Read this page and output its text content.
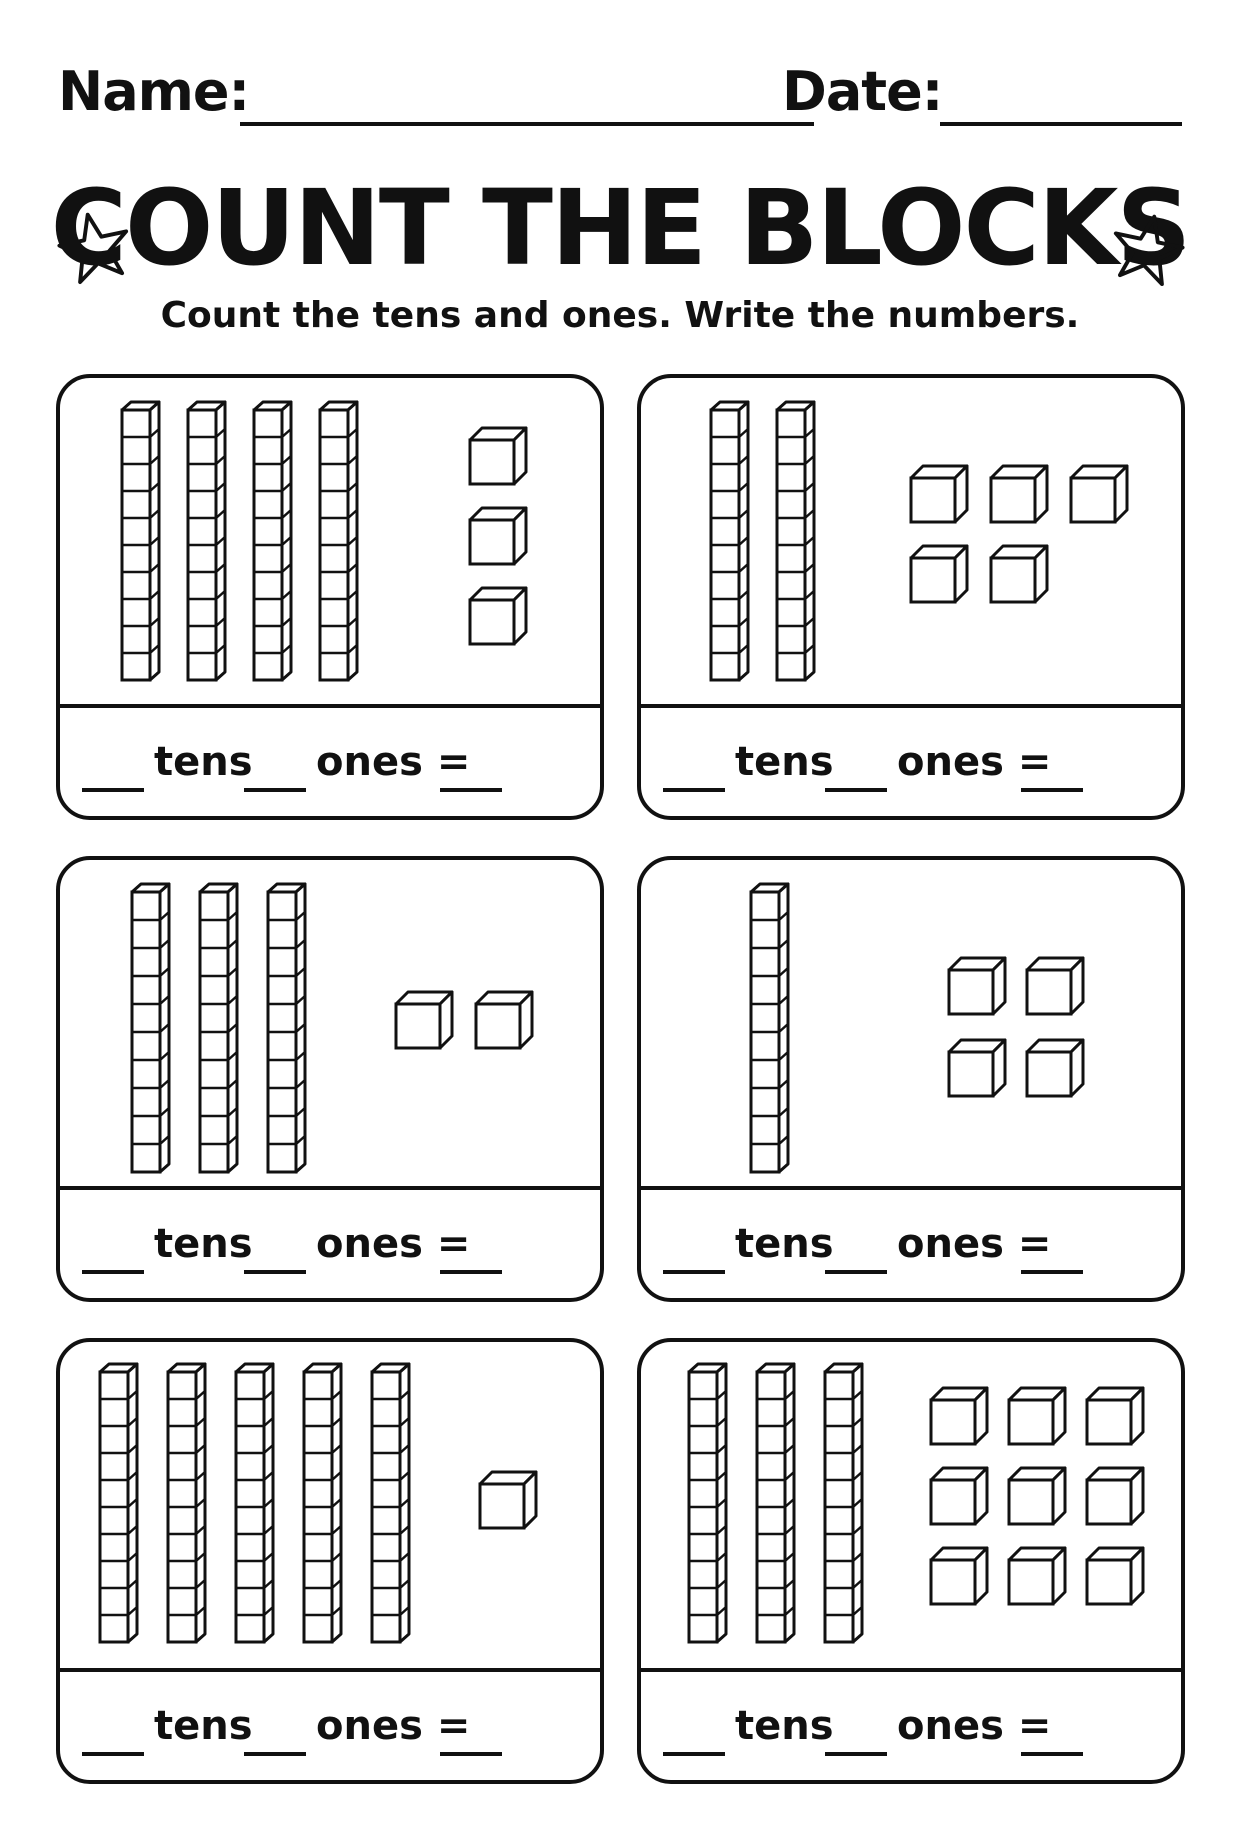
Name:	Date:
COUNT THE BLOCKS
Count the tens and ones. Write the numbers.
tens ones =	tens ones =
tens ones =	tens ones =
tens ones =	tens ones =
